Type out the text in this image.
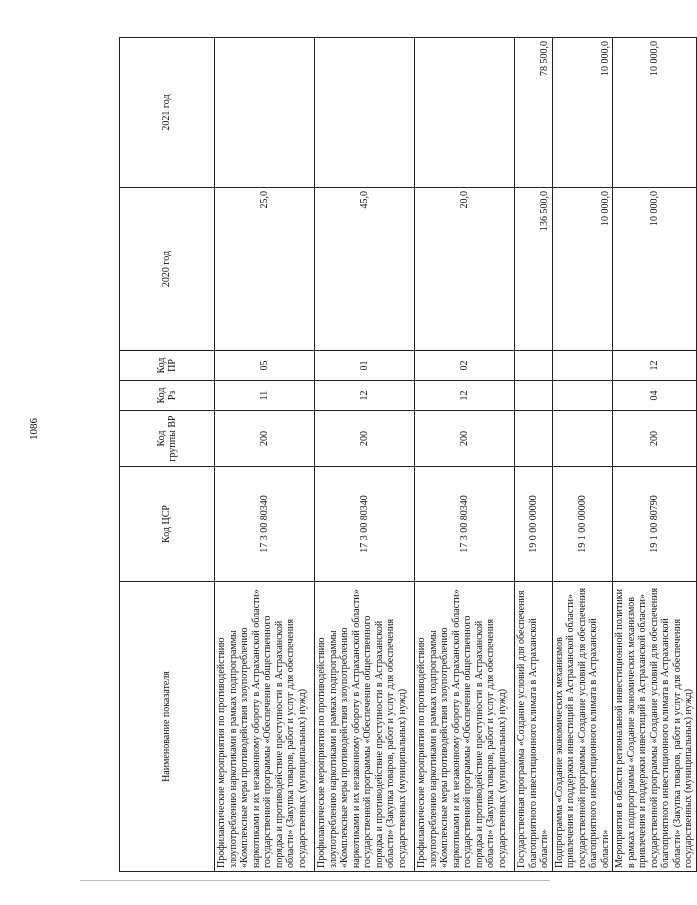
1086
Наименование показателя	Код ЦСР	Код группы ВР	Код Рз	Код ПР	2020 год	2021 год
Профилактические мероприятия по противодействию злоупотреблению наркотиками в рамках подпрограммы «Комплексные меры противодействия злоупотреблению наркотиками и их незаконному обороту в Астраханской области» государственной программы «Обеспечение общественного порядка и противодействие преступности в Астраханской области» (Закупка товаров, работ и услуг для обеспечения государственных (муниципальных) нужд)	17 3 00 80340	200	11	05	25,0	
Профилактические мероприятия по противодействию злоупотреблению наркотиками в рамках подпрограммы «Комплексные меры противодействия злоупотреблению наркотиками и их незаконному обороту в Астраханской области» государственной программы «Обеспечение общественного порядка и противодействие преступности в Астраханской области» (Закупка товаров, работ и услуг для обеспечения государственных (муниципальных) нужд)	17 3 00 80340	200	12	01	45,0	
Профилактические мероприятия по противодействию злоупотреблению наркотиками в рамках подпрограммы «Комплексные меры противодействия злоупотреблению наркотиками и их незаконному обороту в Астраханской области» государственной программы «Обеспечение общественного порядка и противодействие преступности в Астраханской области» (Закупка товаров, работ и услуг для обеспечения государственных (муниципальных) нужд)	17 3 00 80340	200	12	02	20,0	
Государственная программа «Создание условий для обеспечения благоприятного инвестиционного климата в Астраханской области»	19 0 00 00000				136 500,0	78 500,0
Подпрограмма «Создание экономических механизмов привлечения и поддержки инвестиций в Астраханской области» государственной программы «Создание условий для обеспечения благоприятного инвестиционного климата в Астраханской области»	19 1 00 00000				10 000,0	10 000,0
Мероприятия в области региональной инвестиционной политики в рамках подпрограммы «Создание экономических механизмов привлечения и поддержки инвестиций в Астраханской области» государственной программы «Создание условий для обеспечения благоприятного инвестиционного климата в Астраханской области» (Закупка товаров, работ и услуг для обеспечения государственных (муниципальных) нужд)	19 1 00 80790	200	04	12	10 000,0	10 000,0
